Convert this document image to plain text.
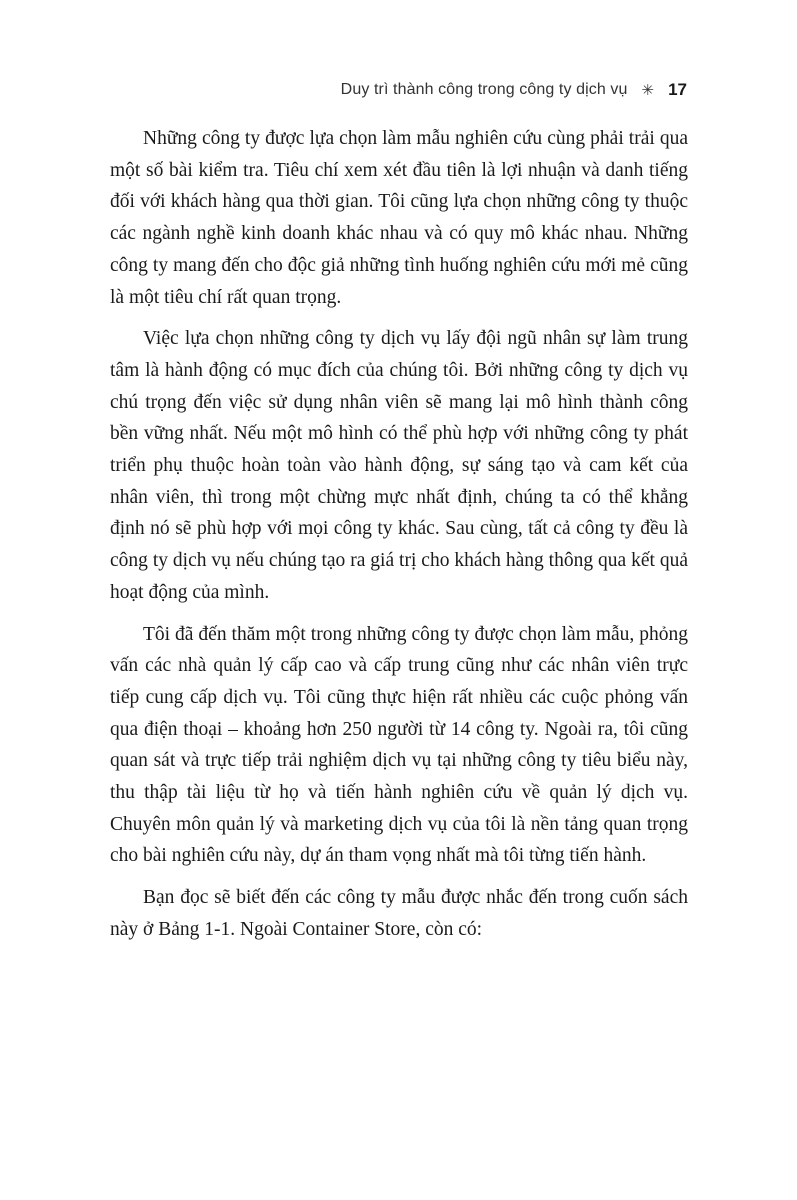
Duy trì thành công trong công ty dịch vụ ✳ 17

Những công ty được lựa chọn làm mẫu nghiên cứu cùng phải trải qua một số bài kiểm tra. Tiêu chí xem xét đầu tiên là lợi nhuận và danh tiếng đối với khách hàng qua thời gian. Tôi cũng lựa chọn những công ty thuộc các ngành nghề kinh doanh khác nhau và có quy mô khác nhau. Những công ty mang đến cho độc giả những tình huống nghiên cứu mới mẻ cũng là một tiêu chí rất quan trọng.

Việc lựa chọn những công ty dịch vụ lấy đội ngũ nhân sự làm trung tâm là hành động có mục đích của chúng tôi. Bởi những công ty dịch vụ chú trọng đến việc sử dụng nhân viên sẽ mang lại mô hình thành công bền vững nhất. Nếu một mô hình có thể phù hợp với những công ty phát triển phụ thuộc hoàn toàn vào hành động, sự sáng tạo và cam kết của nhân viên, thì trong một chừng mực nhất định, chúng ta có thể khẳng định nó sẽ phù hợp với mọi công ty khác. Sau cùng, tất cả công ty đều là công ty dịch vụ nếu chúng tạo ra giá trị cho khách hàng thông qua kết quả hoạt động của mình.

Tôi đã đến thăm một trong những công ty được chọn làm mẫu, phỏng vấn các nhà quản lý cấp cao và cấp trung cũng như các nhân viên trực tiếp cung cấp dịch vụ. Tôi cũng thực hiện rất nhiều các cuộc phỏng vấn qua điện thoại – khoảng hơn 250 người từ 14 công ty. Ngoài ra, tôi cũng quan sát và trực tiếp trải nghiệm dịch vụ tại những công ty tiêu biểu này, thu thập tài liệu từ họ và tiến hành nghiên cứu về quản lý dịch vụ. Chuyên môn quản lý và marketing dịch vụ của tôi là nền tảng quan trọng cho bài nghiên cứu này, dự án tham vọng nhất mà tôi từng tiến hành.

Bạn đọc sẽ biết đến các công ty mẫu được nhắc đến trong cuốn sách này ở Bảng 1-1. Ngoài Container Store, còn có:
